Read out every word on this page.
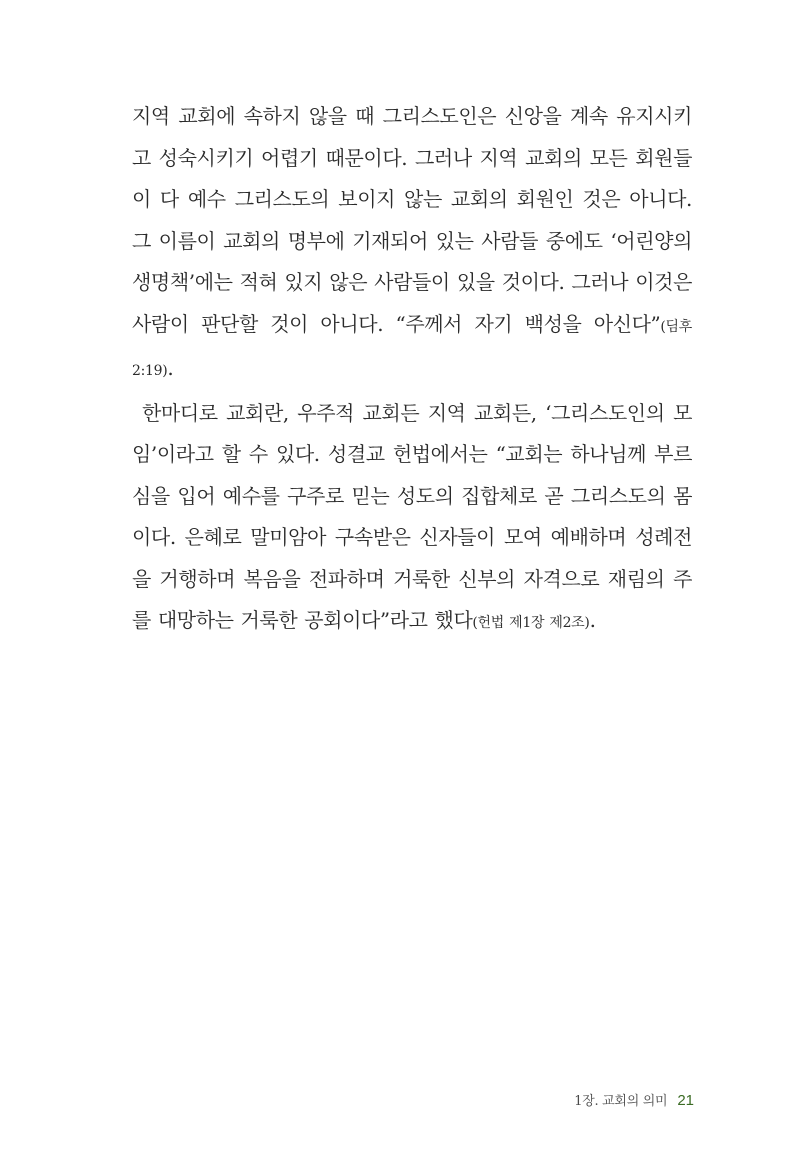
지역 교회에 속하지 않을 때 그리스도인은 신앙을 계속 유지시키고 성숙시키기 어렵기 때문이다. 그러나 지역 교회의 모든 회원들이 다 예수 그리스도의 보이지 않는 교회의 회원인 것은 아니다. 그 이름이 교회의 명부에 기재되어 있는 사람들 중에도 ‘어린양의 생명책’에는 적혀 있지 않은 사람들이 있을 것이다. 그러나 이것은 사람이 판단할 것이 아니다. “주께서 자기 백성을 아신다”(딤후 2:19).

한마디로 교회란, 우주적 교회든 지역 교회든, ‘그리스도인의 모임’이라고 할 수 있다. 성결교 헌법에서는 “교회는 하나님께 부르심을 입어 예수를 구주로 믿는 성도의 집합체로 곧 그리스도의 몸이다. 은혜로 말미암아 구속받은 신자들이 모여 예배하며 성례전을 거행하며 복음을 전파하며 거룩한 신부의 자격으로 재림의 주를 대망하는 거룩한 공회이다”라고 했다(헌법 제1장 제2조).

1장. 교회의 의미 21
